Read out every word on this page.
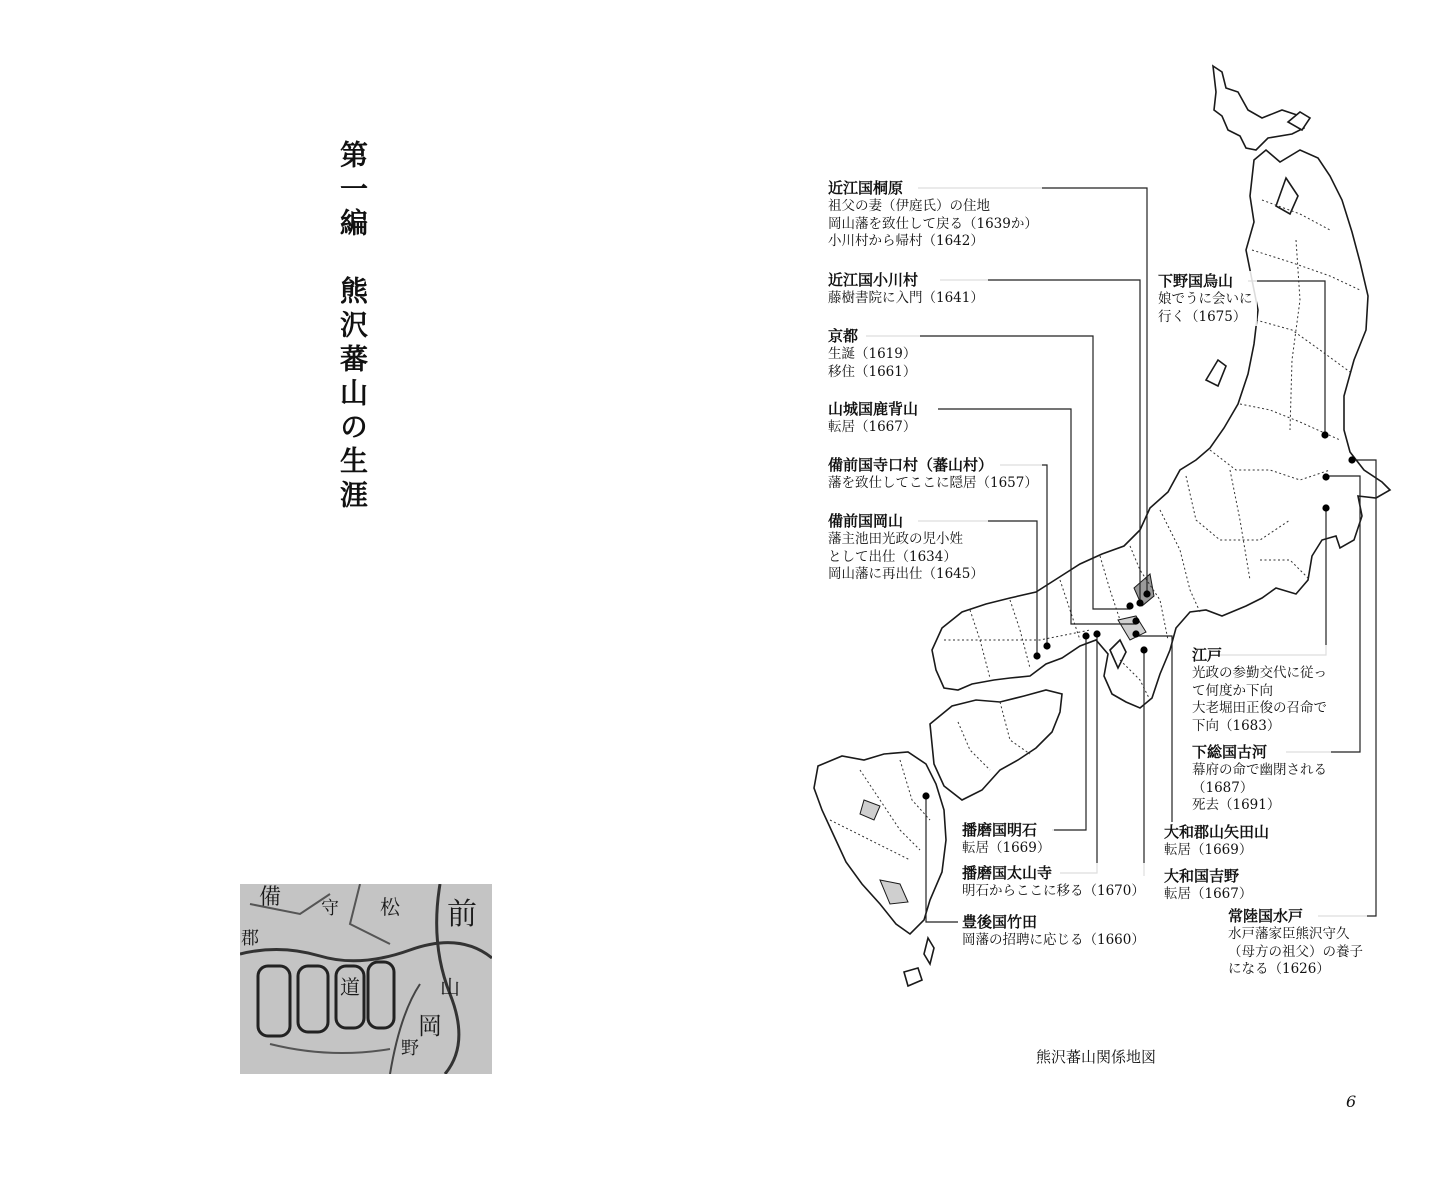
第一編　熊沢蕃山の生涯
前
備
郡
岡
山
道
野
松
守
近江国桐原
祖父の妻（伊庭氏）の住地
岡山藩を致仕して戻る（1639か）
小川村から帰村（1642）
近江国小川村
藤樹書院に入門（1641）
京都
生誕（1619）
移住（1661）
山城国鹿背山
転居（1667）
備前国寺口村（蕃山村）
藩を致仕してここに隠居（1657）
備前国岡山
藩主池田光政の児小姓
として出仕（1634）
岡山藩に再出仕（1645）
下野国烏山
娘でうに会いに
行く（1675）
江戸
光政の参勤交代に従っ
て何度か下向
大老堀田正俊の召命で
下向（1683）
下総国古河
幕府の命で幽閉される
（1687）
死去（1691）
大和郡山矢田山
転居（1669）
大和国吉野
転居（1667）
播磨国明石
転居（1669）
播磨国太山寺
明石からここに移る（1670）
豊後国竹田
岡藩の招聘に応じる（1660）
常陸国水戸
水戸藩家臣熊沢守久
（母方の祖父）の養子
になる（1626）
熊沢蕃山関係地図
6
